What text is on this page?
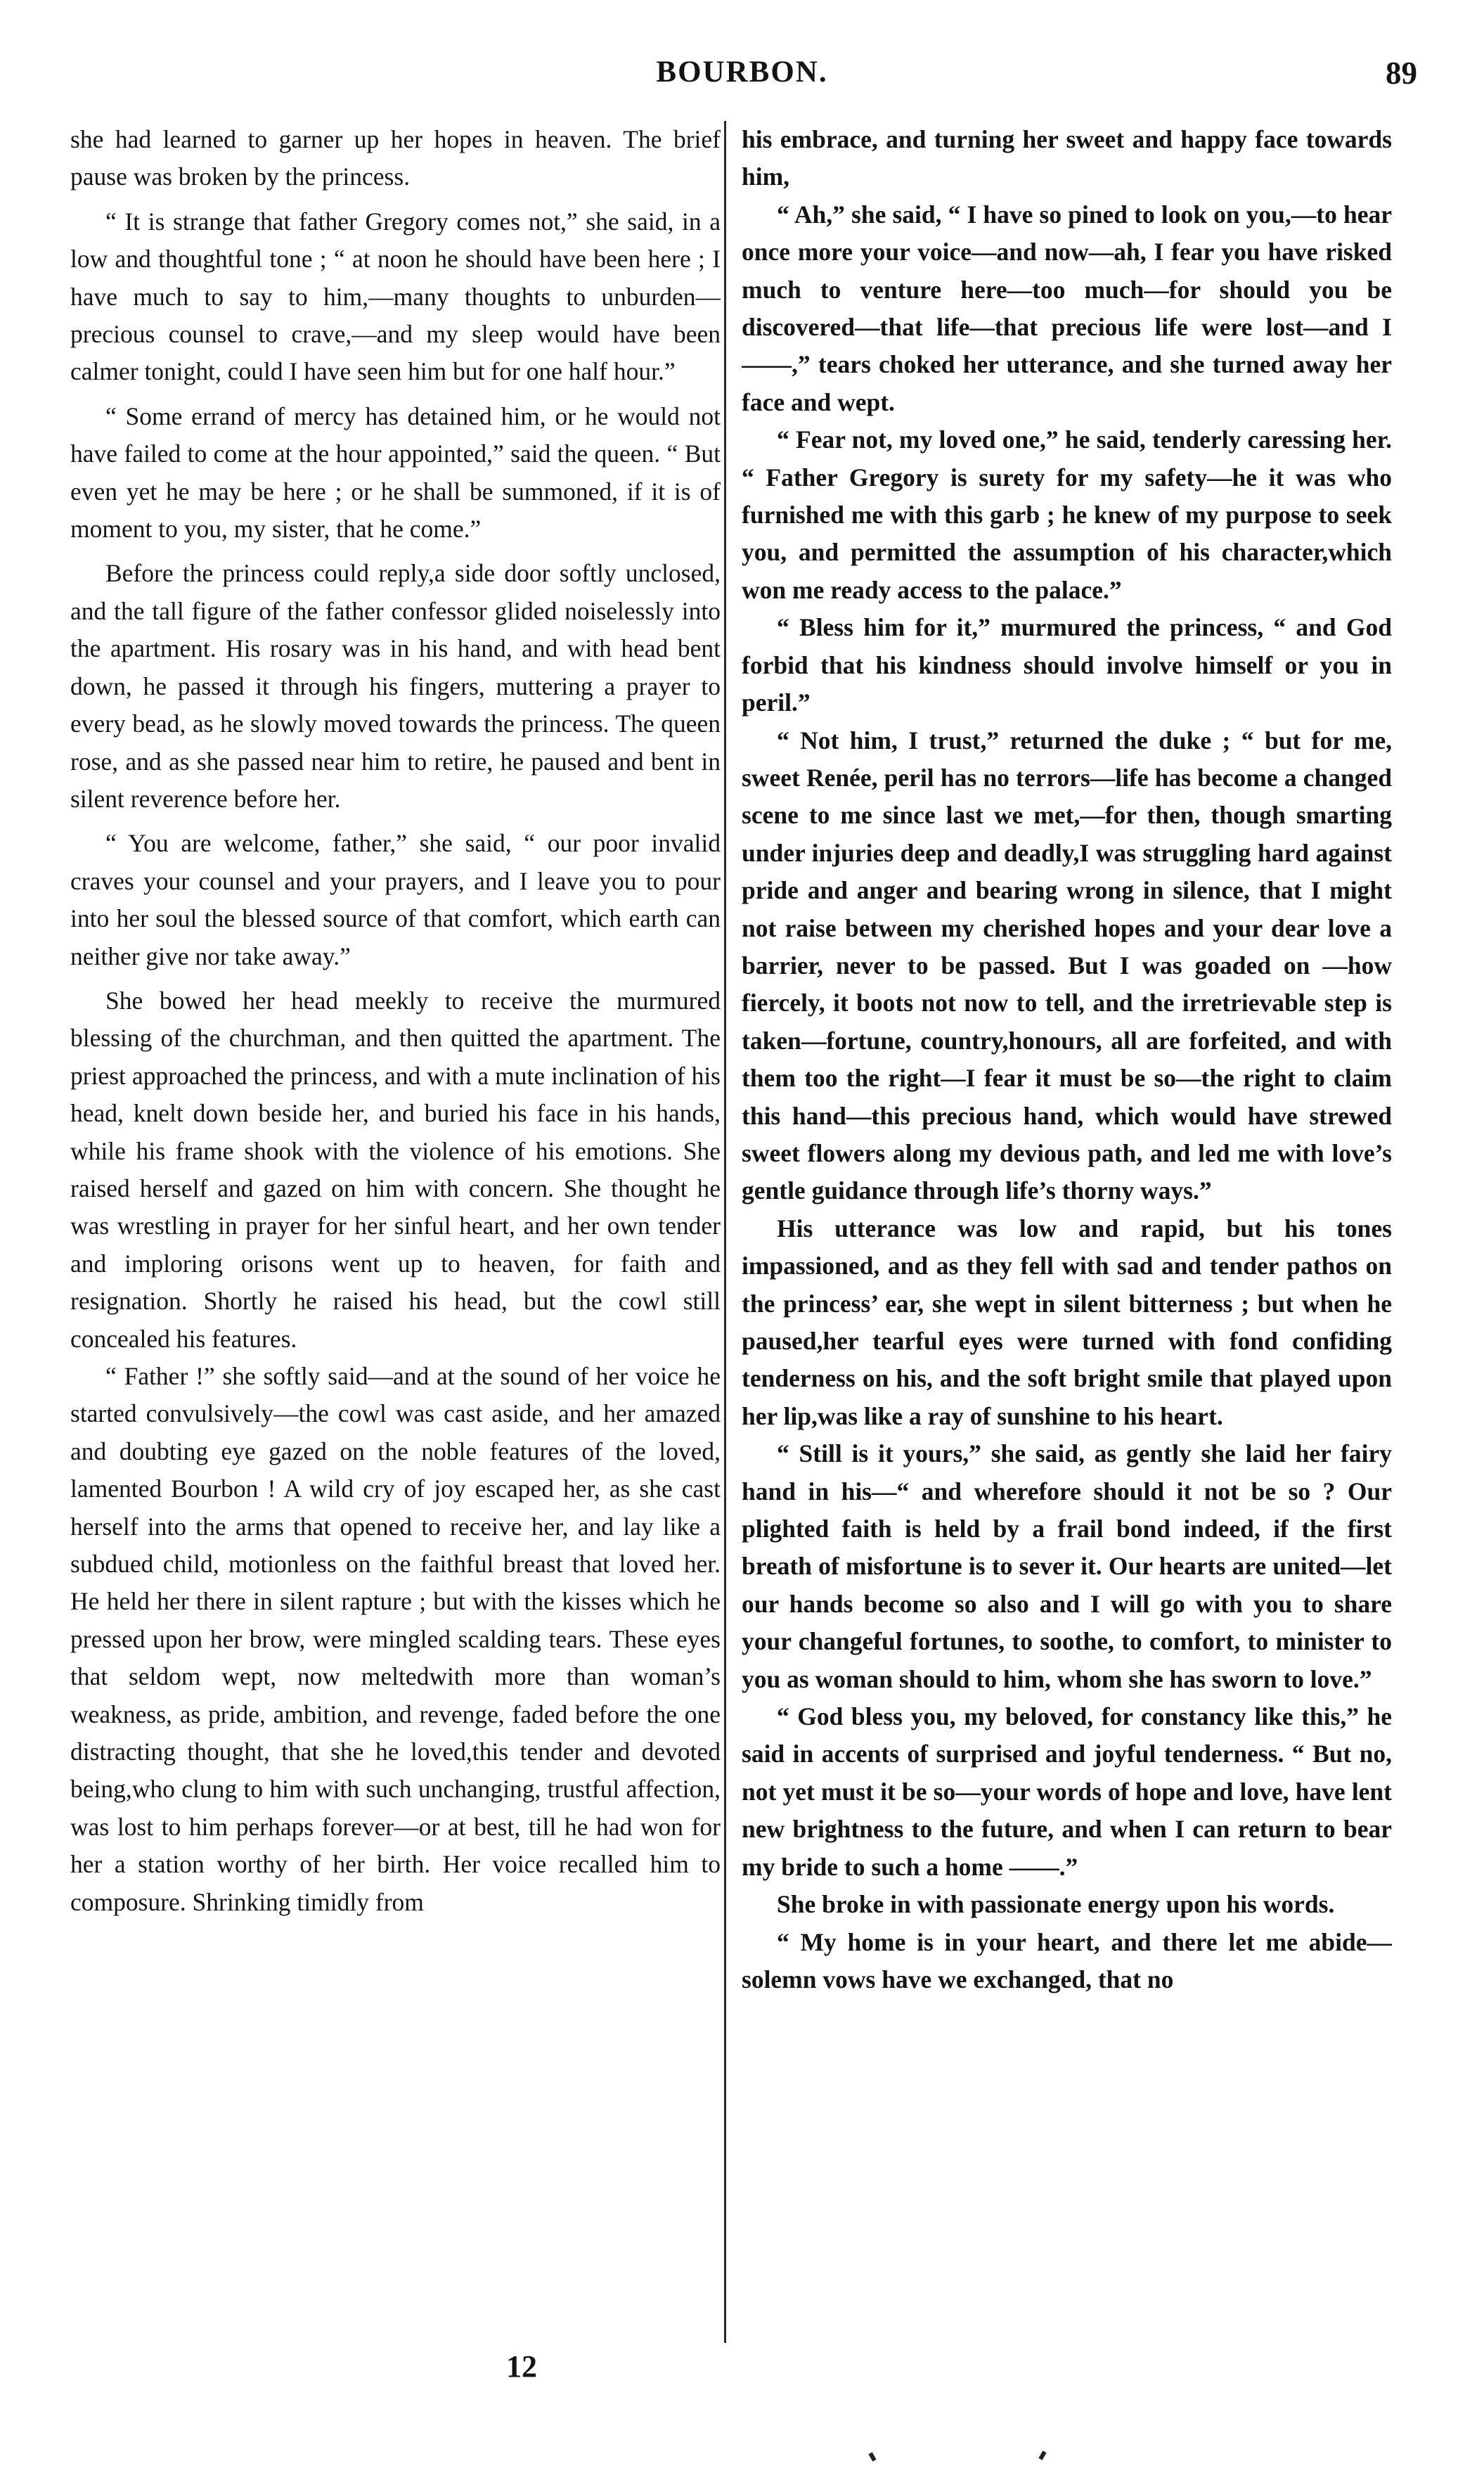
BOURBON.	89

she had learned to garner up her hopes in heaven. The brief pause was broken by the princess.

“ It is strange that father Gregory comes not,” she said, in a low and thoughtful tone ; “ at noon he should have been here ; I have much to say to him,—many thoughts to unburden—precious counsel to crave,—and my sleep would have been calmer tonight, could I have seen him but for one half hour.”

“ Some errand of mercy has detained him, or he would not have failed to come at the hour appointed,” said the queen. “ But even yet he may be here ; or he shall be summoned, if it is of moment to you, my sister, that he come.”

Before the princess could reply,a side door softly unclosed, and the tall figure of the father confessor glided noiselessly into the apartment. His rosary was in his hand, and with head bent down, he passed it through his fingers, muttering a prayer to every bead, as he slowly moved towards the princess. The queen rose, and as she passed near him to retire, he paused and bent in silent reverence before her.

“ You are welcome, father,” she said, “ our poor invalid craves your counsel and your prayers, and I leave you to pour into her soul the blessed source of that comfort, which earth can neither give nor take away.”

She bowed her head meekly to receive the murmured blessing of the churchman, and then quitted the apartment. The priest approached the princess, and with a mute inclination of his head, knelt down beside her, and buried his face in his hands, while his frame shook with the violence of his emotions. She raised herself and gazed on him with concern. She thought he was wrestling in prayer for her sinful heart, and her own tender and imploring orisons went up to heaven, for faith and resignation. Shortly he raised his head, but the cowl still concealed his features.

“ Father !” she softly said—and at the sound of her voice he started convulsively—the cowl was cast aside, and her amazed and doubting eye gazed on the noble features of the loved, lamented Bourbon ! A wild cry of joy escaped her, as she cast herself into the arms that opened to receive her, and lay like a subdued child, motionless on the faithful breast that loved her. He held her there in silent rapture ; but with the kisses which he pressed upon her brow, were mingled scalding tears. These eyes that seldom wept, now meltedwith more than woman’s weakness, as pride, ambition, and revenge, faded before the one distracting thought, that she he loved,this tender and devoted being,who clung to him with such unchanging, trustful affection, was lost to him perhaps forever—or at best, till he had won for her a station worthy of her birth. Her voice recalled him to composure. Shrinking timidly from

his embrace, and turning her sweet and happy face towards him,

“ Ah,” she said, “ I have so pined to look on you,—to hear once more your voice—and now—ah, I fear you have risked much to venture here—too much—for should you be discovered—that life—that precious life were lost—and I ——,” tears choked her utterance, and she turned away her face and wept.

“ Fear not, my loved one,” he said, tenderly caressing her. “ Father Gregory is surety for my safety—he it was who furnished me with this garb ; he knew of my purpose to seek you, and permitted the assumption of his character,which won me ready access to the palace.”

“ Bless him for it,” murmured the princess, “ and God forbid that his kindness should involve himself or you in peril.”

“ Not him, I trust,” returned the duke ; “ but for me, sweet Renée, peril has no terrors—life has become a changed scene to me since last we met,—for then, though smarting under injuries deep and deadly,I was struggling hard against pride and anger and bearing wrong in silence, that I might not raise between my cherished hopes and your dear love a barrier, never to be passed. But I was goaded on —how fiercely, it boots not now to tell, and the irretrievable step is taken—fortune, country,honours, all are forfeited, and with them too the right—I fear it must be so—the right to claim this hand—this precious hand, which would have strewed sweet flowers along my devious path, and led me with love’s gentle guidance through life’s thorny ways.”

His utterance was low and rapid, but his tones impassioned, and as they fell with sad and tender pathos on the princess’ ear, she wept in silent bitterness ; but when he paused,her tearful eyes were turned with fond confiding tenderness on his, and the soft bright smile that played upon her lip,was like a ray of sunshine to his heart.

“ Still is it yours,” she said, as gently she laid her fairy hand in his—“ and wherefore should it not be so ? Our plighted faith is held by a frail bond indeed, if the first breath of misfortune is to sever it. Our hearts are united—let our hands become so also and I will go with you to share your changeful fortunes, to soothe, to comfort, to minister to you as woman should to him, whom she has sworn to love.”

“ God bless you, my beloved, for constancy like this,” he said in accents of surprised and joyful tenderness. “ But no, not yet must it be so—your words of hope and love, have lent new brightness to the future, and when I can return to bear my bride to such a home ——.”

She broke in with passionate energy upon his words.

“ My home is in your heart, and there let me abide—solemn vows have we exchanged, that no

12
